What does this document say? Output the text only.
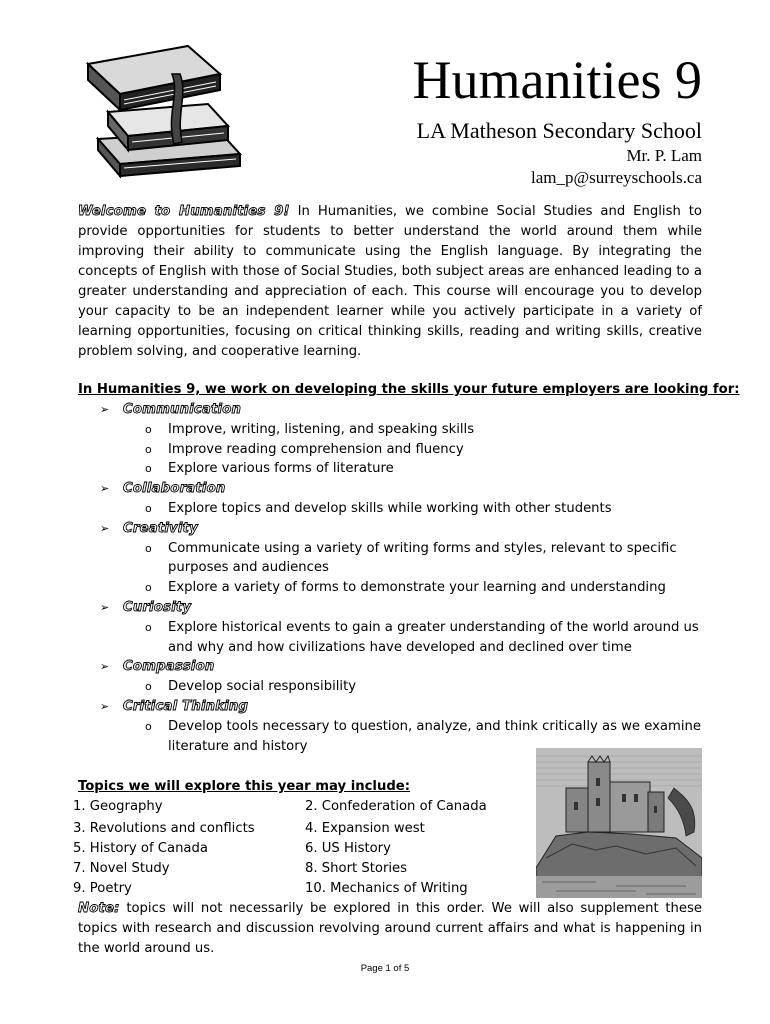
Humanities 9
LA Matheson Secondary School
Mr. P. Lam
lam_p@surreyschools.ca
Welcome to Humanities 9! In Humanities, we combine Social Studies and English to provide opportunities for students to better understand the world around them while improving their ability to communicate using the English language. By integrating the concepts of English with those of Social Studies, both subject areas are enhanced leading to a greater understanding and appreciation of each. This course will encourage you to develop your capacity to be an independent learner while you actively participate in a variety of learning opportunities, focusing on critical thinking skills, reading and writing skills, creative problem solving, and cooperative learning.
In Humanities 9, we work on developing the skills your future employers are looking for:
➢ Communication
o Improve, writing, listening, and speaking skills
o Improve reading comprehension and fluency
o Explore various forms of literature
➢ Collaboration
o Explore topics and develop skills while working with other students
➢ Creativity
o Communicate using a variety of writing forms and styles, relevant to specific
purposes and audiences
o Explore a variety of forms to demonstrate your learning and understanding
➢ Curiosity
o Explore historical events to gain a greater understanding of the world around us
and why and how civilizations have developed and declined over time
➢ Compassion
o Develop social responsibility
➢ Critical Thinking
o Develop tools necessary to question, analyze, and think critically as we examine
literature and history
Topics we will explore this year may include:
1. Geography	2. Confederation of Canada
3. Revolutions and conflicts	4. Expansion west
5. History of Canada	6. US History
7. Novel Study	8. Short Stories
9. Poetry	10. Mechanics of Writing
Note: topics will not necessarily be explored in this order. We will also supplement these topics with research and discussion revolving around current affairs and what is happening in the world around us.
Page 1 of 5
